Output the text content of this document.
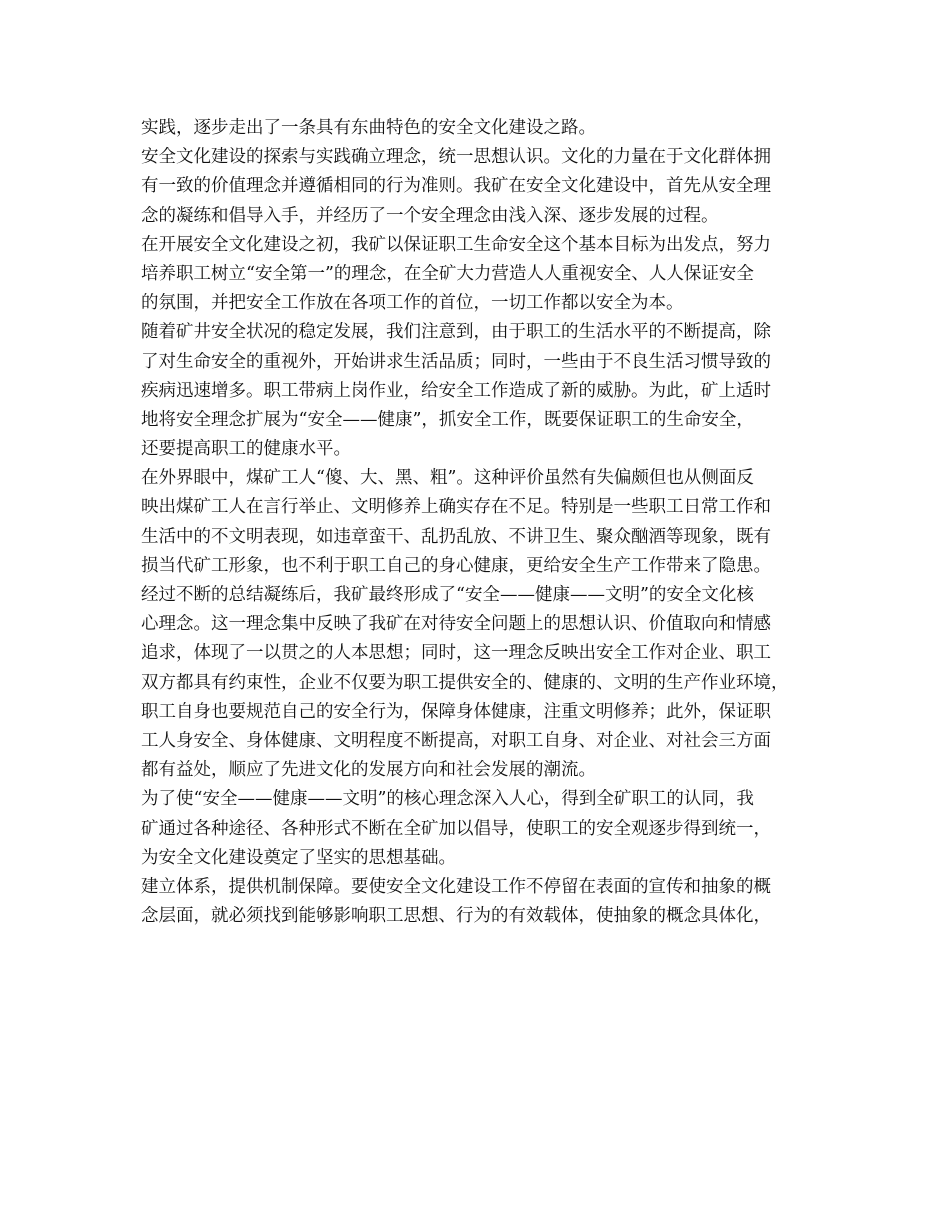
实践，逐步走出了一条具有东曲特色的安全文化建设之路。
安全文化建设的探索与实践确立理念，统一思想认识。文化的力量在于文化群体拥
有一致的价值理念并遵循相同的行为准则。我矿在安全文化建设中，首先从安全理
念的凝练和倡导入手，并经历了一个安全理念由浅入深、逐步发展的过程。
在开展安全文化建设之初，我矿以保证职工生命安全这个基本目标为出发点，努力
培养职工树立“安全第一”的理念，在全矿大力营造人人重视安全、人人保证安全
的氛围，并把安全工作放在各项工作的首位，一切工作都以安全为本。
随着矿井安全状况的稳定发展，我们注意到，由于职工的生活水平的不断提高，除
了对生命安全的重视外，开始讲求生活品质；同时，一些由于不良生活习惯导致的
疾病迅速增多。职工带病上岗作业，给安全工作造成了新的威胁。为此，矿上适时
地将安全理念扩展为“安全——健康”，抓安全工作，既要保证职工的生命安全，
还要提高职工的健康水平。
在外界眼中，煤矿工人“傻、大、黑、粗”。这种评价虽然有失偏颇但也从侧面反
映出煤矿工人在言行举止、文明修养上确实存在不足。特别是一些职工日常工作和
生活中的不文明表现，如违章蛮干、乱扔乱放、不讲卫生、聚众酗酒等现象，既有
损当代矿工形象，也不利于职工自己的身心健康，更给安全生产工作带来了隐患。
经过不断的总结凝练后，我矿最终形成了“安全——健康——文明”的安全文化核
心理念。这一理念集中反映了我矿在对待安全问题上的思想认识、价值取向和情感
追求，体现了一以贯之的人本思想；同时，这一理念反映出安全工作对企业、职工
双方都具有约束性，企业不仅要为职工提供安全的、健康的、文明的生产作业环境，
职工自身也要规范自己的安全行为，保障身体健康，注重文明修养；此外，保证职
工人身安全、身体健康、文明程度不断提高，对职工自身、对企业、对社会三方面
都有益处，顺应了先进文化的发展方向和社会发展的潮流。
为了使“安全——健康——文明”的核心理念深入人心，得到全矿职工的认同，我
矿通过各种途径、各种形式不断在全矿加以倡导，使职工的安全观逐步得到统一，
为安全文化建设奠定了坚实的思想基础。
建立体系，提供机制保障。要使安全文化建设工作不停留在表面的宣传和抽象的概
念层面，就必须找到能够影响职工思想、行为的有效载体，使抽象的概念具体化，
